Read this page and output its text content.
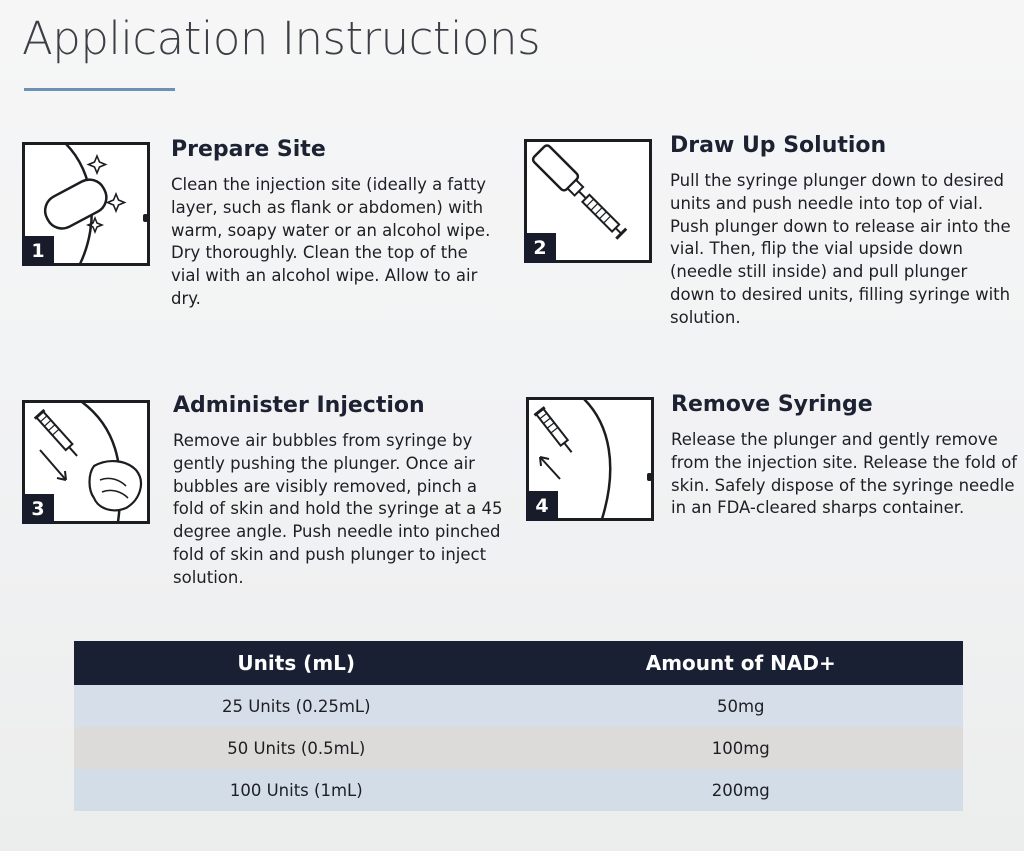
Application Instructions
1
Prepare Site

Clean the injection site (ideally a fatty layer, such as flank or abdomen) with warm, soapy water or an alcohol wipe. Dry thoroughly. Clean the top of the vial with an alcohol wipe. Allow to air dry.

2
Draw Up Solution

Pull the syringe plunger down to desired units and push needle into top of vial. Push plunger down to release air into the vial. Then, flip the vial upside down (needle still inside) and pull plunger down to desired units, filling syringe with solution.

3
Administer Injection

Remove air bubbles from syringe by gently pushing the plunger. Once air bubbles are visibly removed, pinch a fold of skin and hold the syringe at a 45 degree angle. Push needle into pinched fold of skin and push plunger to inject solution.

4
Remove Syringe

Release the plunger and gently remove from the injection site. Release the fold of skin. Safely dispose of the syringe needle in an FDA-cleared sharps container.

Units (mL)	Amount of NAD+
25 Units (0.25mL)	50mg
50 Units (0.5mL)	100mg
100 Units (1mL)	200mg
